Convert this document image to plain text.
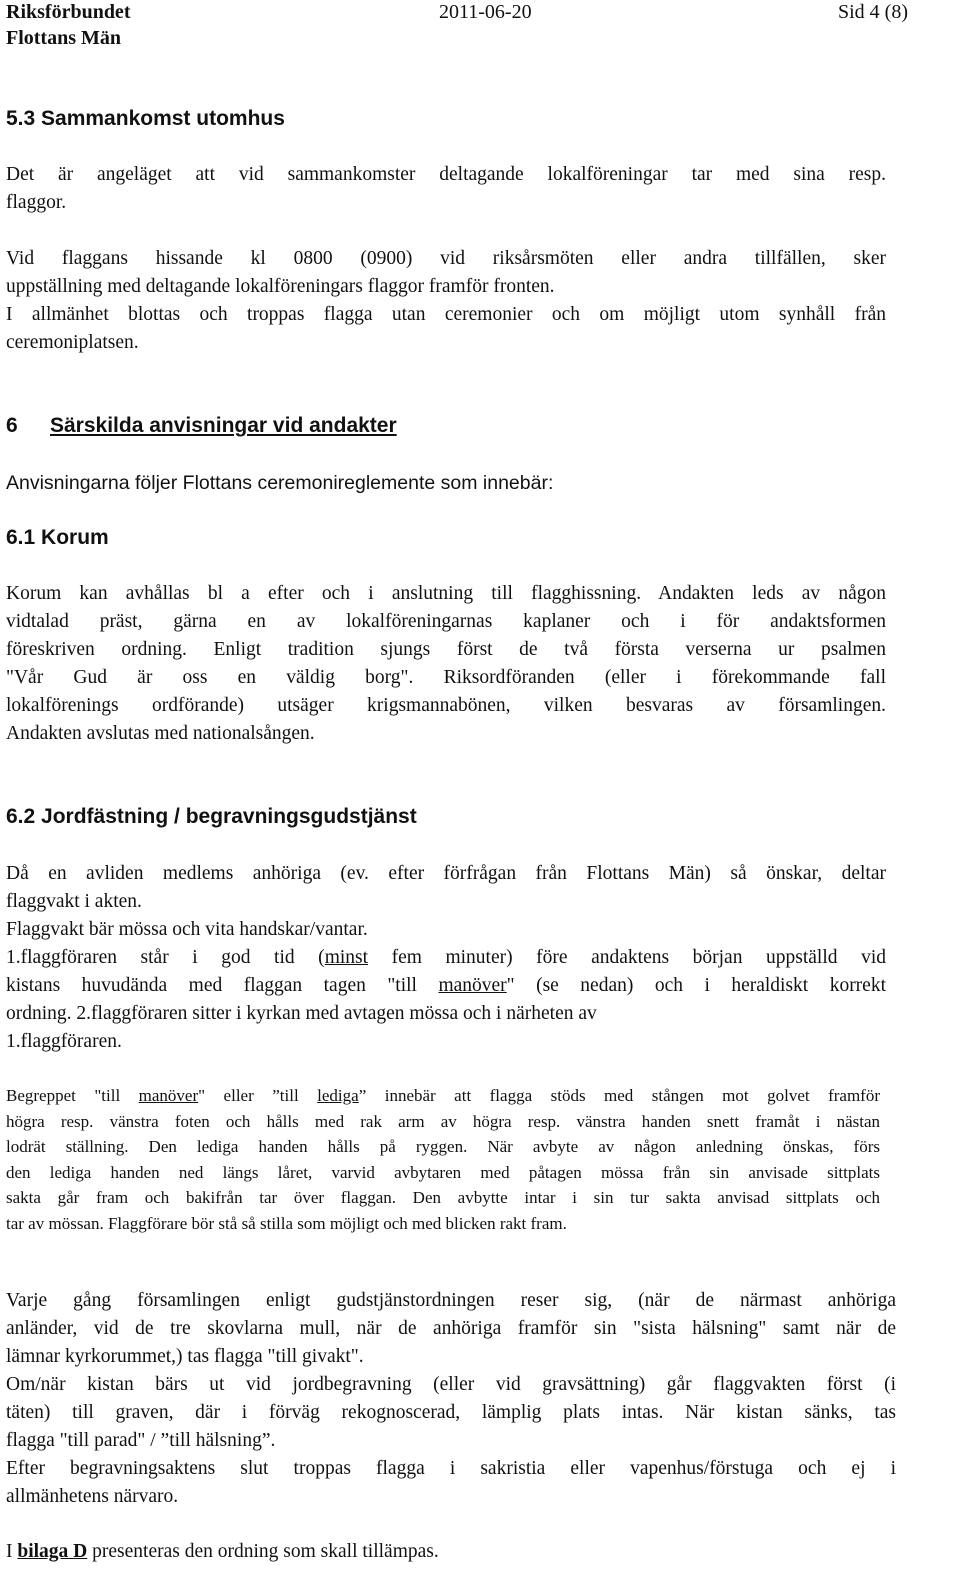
Riksförbundet
Flottans Män
2011-06-20	Sid 4 (8)
5.3 Sammankomst utomhus
Det är angeläget att vid sammankomster deltagande lokalföreningar tar med sina resp.
flaggor.
Vid flaggans hissande kl 0800 (0900) vid riksårsmöten eller andra tillfällen, sker
uppställning med deltagande lokalföreningars flaggor framför fronten.
I allmänhet blottas och troppas flagga utan ceremonier och om möjligt utom synhåll från
ceremoniplatsen.
6 Särskilda anvisningar vid andakter
Anvisningarna följer Flottans ceremonireglemente som innebär:
6.1 Korum
Korum kan avhållas bl a efter och i anslutning till flagghissning. Andakten leds av någon
vidtalad präst, gärna en av lokalföreningarnas kaplaner och i för andaktsformen
föreskriven ordning. Enligt tradition sjungs först de två första verserna ur psalmen
"Vår Gud är oss en väldig borg". Riksordföranden (eller i förekommande fall
lokalförenings ordförande) utsäger krigsmannabönen, vilken besvaras av församlingen.
Andakten avslutas med nationalsången.
6.2 Jordfästning / begravningsgudstjänst
Då en avliden medlems anhöriga (ev. efter förfrågan från Flottans Män) så önskar, deltar
flaggvakt i akten.
Flaggvakt bär mössa och vita handskar/vantar.
1.flaggföraren står i god tid (minst fem minuter) före andaktens början uppställd vid
kistans huvudända med flaggan tagen "till manöver" (se nedan) och i heraldiskt korrekt
ordning. 2.flaggföraren sitter i kyrkan med avtagen mössa och i närheten av
1.flaggföraren.
Begreppet "till manöver" eller ”till lediga” innebär att flagga stöds med stången mot golvet framför
högra resp. vänstra foten och hålls med rak arm av högra resp. vänstra handen snett framåt i nästan
lodrät ställning. Den lediga handen hålls på ryggen. När avbyte av någon anledning önskas, förs
den lediga handen ned längs låret, varvid avbytaren med påtagen mössa från sin anvisade sittplats
sakta går fram och bakifrån tar över flaggan. Den avbytte intar i sin tur sakta anvisad sittplats och
tar av mössan. Flaggförare bör stå så stilla som möjligt och med blicken rakt fram.
Varje gång församlingen enligt gudstjänstordningen reser sig, (när de närmast anhöriga
anländer, vid de tre skovlarna mull, när de anhöriga framför sin "sista hälsning" samt när de
lämnar kyrkorummet,) tas flagga "till givakt".
Om/när kistan bärs ut vid jordbegravning (eller vid gravsättning) går flaggvakten först (i
täten) till graven, där i förväg rekognoscerad, lämplig plats intas. När kistan sänks, tas
flagga "till parad" / ”till hälsning”.
Efter begravningsaktens slut troppas flagga i sakristia eller vapenhus/förstuga och ej i
allmänhetens närvaro.
I bilaga D presenteras den ordning som skall tillämpas.
